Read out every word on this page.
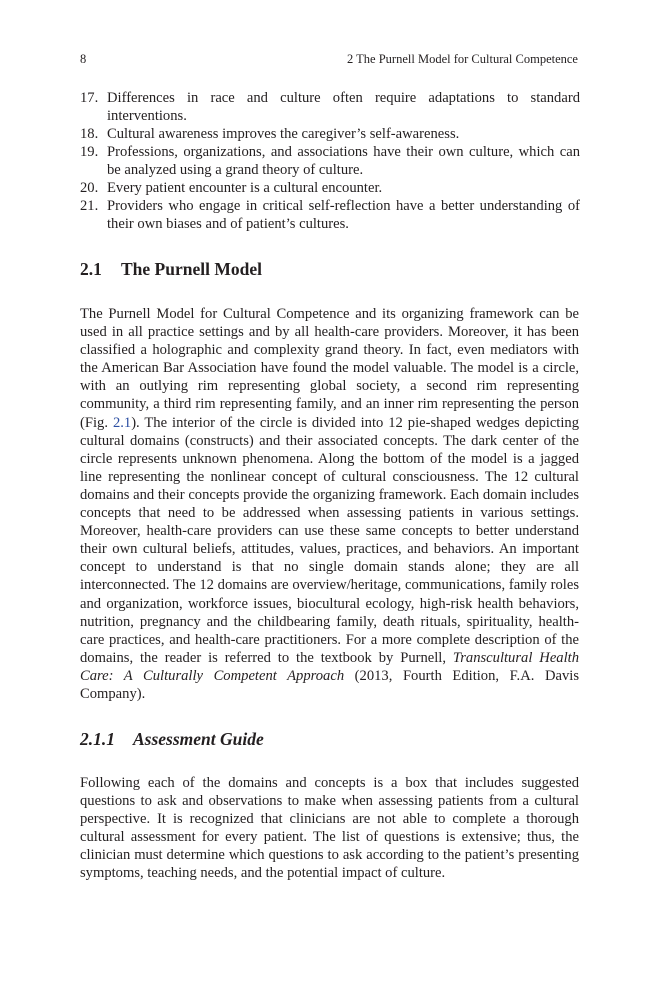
8	2 The Purnell Model for Cultural Competence
17. Differences in race and culture often require adaptations to standard interventions.
18. Cultural awareness improves the caregiver’s self-awareness.
19. Professions, organizations, and associations have their own culture, which can be analyzed using a grand theory of culture.
20. Every patient encounter is a cultural encounter.
21. Providers who engage in critical self-reflection have a better understanding of their own biases and of patient’s cultures.
2.1 The Purnell Model

The Purnell Model for Cultural Competence and its organizing framework can be used in all practice settings and by all health-care providers. Moreover, it has been classified a holographic and complexity grand theory. In fact, even mediators with the American Bar Association have found the model valuable. The model is a circle, with an outlying rim representing global society, a second rim representing community, a third rim representing family, and an inner rim representing the person (Fig. 2.1). The interior of the circle is divided into 12 pie-shaped wedges depicting cultural domains (constructs) and their associated concepts. The dark center of the circle represents unknown phenomena. Along the bottom of the model is a jagged line representing the nonlinear concept of cultural consciousness. The 12 cultural domains and their concepts provide the organizing framework. Each domain includes concepts that need to be addressed when assessing patients in various settings. Moreover, health-care providers can use these same concepts to better understand their own cultural beliefs, attitudes, values, practices, and behaviors. An important concept to understand is that no single domain stands alone; they are all interconnected. The 12 domains are overview/heritage, communications, family roles and organization, workforce issues, biocultural ecology, high-risk health behaviors, nutrition, pregnancy and the childbearing family, death rituals, spirituality, health-care practices, and health-care practitioners. For a more complete description of the domains, the reader is referred to the textbook by Purnell, Transcultural Health Care: A Culturally Competent Approach (2013, Fourth Edition, F.A. Davis Company).

2.1.1 Assessment Guide

Following each of the domains and concepts is a box that includes suggested questions to ask and observations to make when assessing patients from a cultural perspective. It is recognized that clinicians are not able to complete a thorough cultural assessment for every patient. The list of questions is extensive; thus, the clinician must determine which questions to ask according to the patient’s presenting symptoms, teaching needs, and the potential impact of culture.
